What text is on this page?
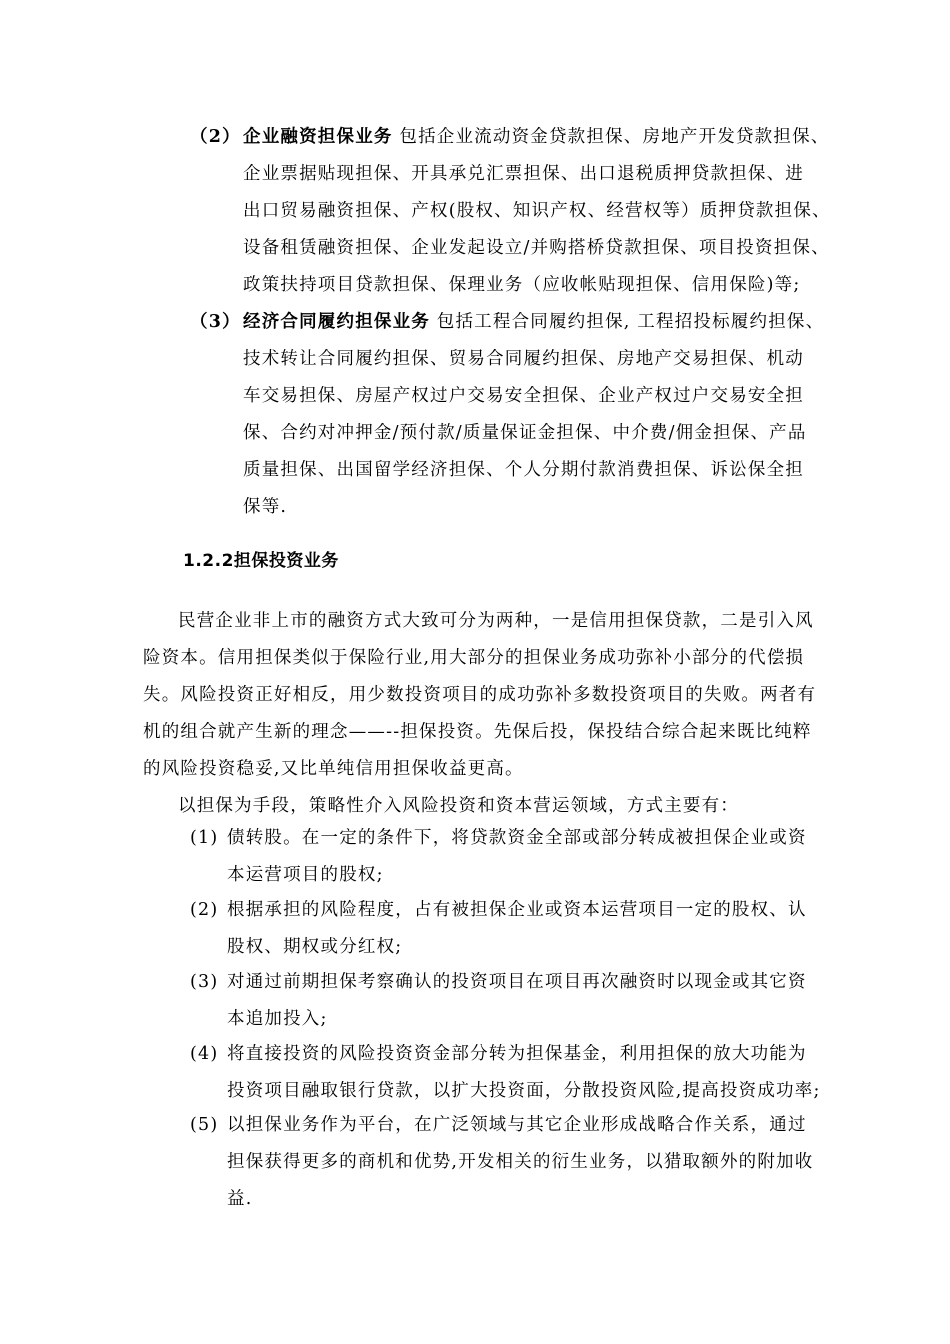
（2） 企业融资担保业务 包括企业流动资金贷款担保、房地产开发贷款担保、
企业票据贴现担保、开具承兑汇票担保、出口退税质押贷款担保、进
出口贸易融资担保、产权(股权、知识产权、经营权等）质押贷款担保、
设备租赁融资担保、企业发起设立/并购搭桥贷款担保、项目投资担保、
政策扶持项目贷款担保、保理业务（应收帐贴现担保、信用保险)等;
（3） 经济合同履约担保业务 包括工程合同履约担保, 工程招投标履约担保、
技术转让合同履约担保、贸易合同履约担保、房地产交易担保、机动
车交易担保、房屋产权过户交易安全担保、企业产权过户交易安全担
保、合约对冲押金/预付款/质量保证金担保、中介费/佣金担保、产品
质量担保、出国留学经济担保、个人分期付款消费担保、诉讼保全担
保等.
1.2.2担保投资业务
民营企业非上市的融资方式大致可分为两种，一是信用担保贷款，二是引入风
险资本。信用担保类似于保险行业,用大部分的担保业务成功弥补小部分的代偿损
失。风险投资正好相反，用少数投资项目的成功弥补多数投资项目的失败。两者有
机的组合就产生新的理念——--担保投资。先保后投，保投结合综合起来既比纯粹
的风险投资稳妥,又比单纯信用担保收益更高。
以担保为手段，策略性介入风险投资和资本营运领域，方式主要有：
(1) 债转股。在一定的条件下，将贷款资金全部或部分转成被担保企业或资
本运营项目的股权;
(2) 根据承担的风险程度，占有被担保企业或资本运营项目一定的股权、认
股权、期权或分红权;
(3) 对通过前期担保考察确认的投资项目在项目再次融资时以现金或其它资
本追加投入;
(4) 将直接投资的风险投资资金部分转为担保基金，利用担保的放大功能为
投资项目融取银行贷款，以扩大投资面，分散投资风险,提高投资成功率;
(5) 以担保业务作为平台，在广泛领域与其它企业形成战略合作关系，通过
担保获得更多的商机和优势,开发相关的衍生业务，以猎取额外的附加收
益.
